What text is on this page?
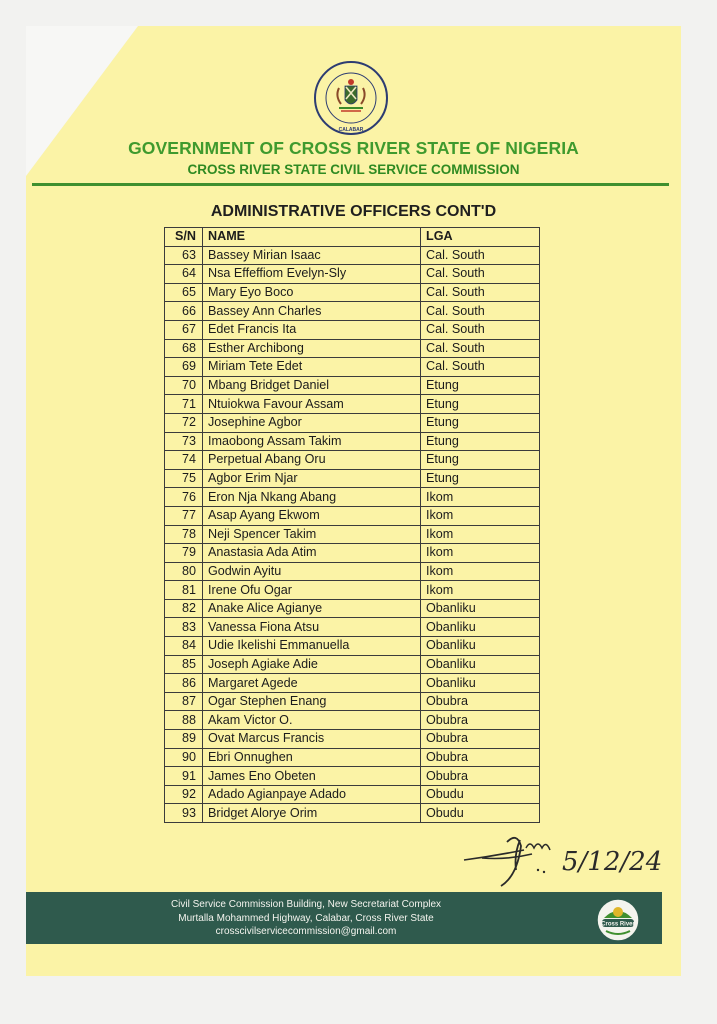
CALABAR
GOVERNMENT OF CROSS RIVER STATE OF NIGERIA
CROSS RIVER STATE CIVIL SERVICE COMMISSION
ADMINISTRATIVE OFFICERS CONT'D
S/N	NAME	LGA
63	Bassey Mirian Isaac	Cal. South
64	Nsa Effeffiom Evelyn-Sly	Cal. South
65	Mary Eyo Boco	Cal. South
66	Bassey Ann Charles	Cal. South
67	Edet Francis Ita	Cal. South
68	Esther Archibong	Cal. South
69	Miriam Tete Edet	Cal. South
70	Mbang Bridget Daniel	Etung
71	Ntuiokwa Favour Assam	Etung
72	Josephine Agbor	Etung
73	Imaobong Assam Takim	Etung
74	Perpetual Abang Oru	Etung
75	Agbor Erim Njar	Etung
76	Eron Nja Nkang Abang	Ikom
77	Asap Ayang Ekwom	Ikom
78	Neji Spencer Takim	Ikom
79	Anastasia Ada Atim	Ikom
80	Godwin Ayitu	Ikom
81	Irene Ofu Ogar	Ikom
82	Anake Alice Agianye	Obanliku
83	Vanessa Fiona Atsu	Obanliku
84	Udie Ikelishi Emmanuella	Obanliku
85	Joseph Agiake Adie	Obanliku
86	Margaret Agede	Obanliku
87	Ogar Stephen Enang	Obubra
88	Akam Victor O.	Obubra
89	Ovat Marcus Francis	Obubra
90	Ebri Onnughen	Obubra
91	James Eno Obeten	Obubra
92	Adado Agianpaye Adado	Obudu
93	Bridget Alorye Orim	Obudu
5/12/24
Civil Service Commission Building, New Secretariat Complex
Murtalla Mohammed Highway, Calabar, Cross River State
crosscivilservicecommission@gmail.com
Cross River
